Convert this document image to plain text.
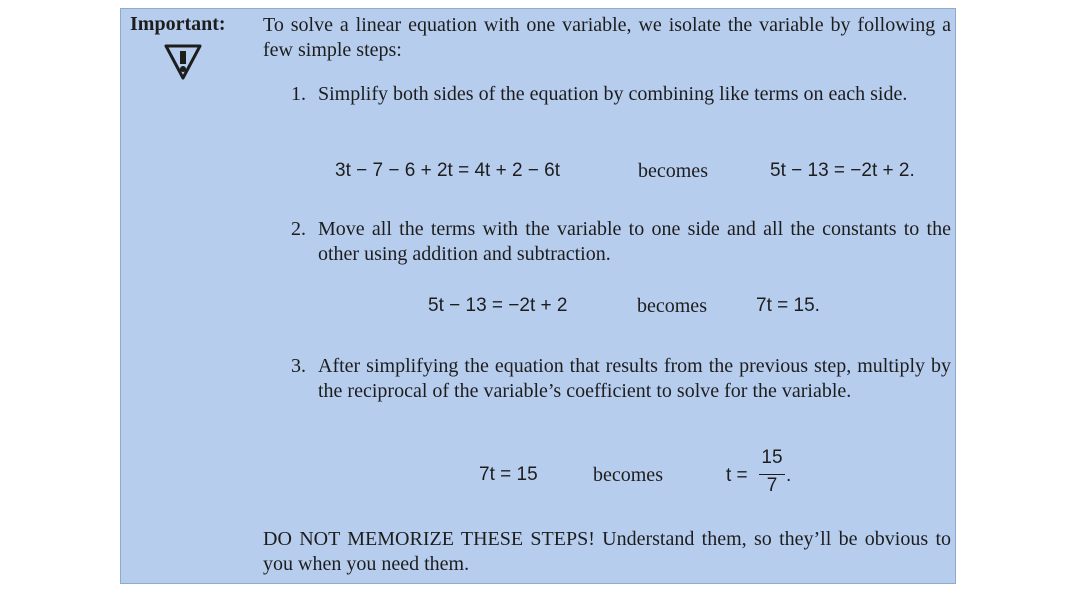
Important: To solve a linear equation with one variable, we isolate the variable by following a few simple steps:
1. Simplify both sides of the equation by combining like terms on each side.
3t − 7 − 6 + 2t = 4t + 2 − 6t	becomes	5t − 13 = −2t + 2.
2. Move all the terms with the variable to one side and all the constants to the other using addition and subtraction.
5t − 13 = −2t + 2	becomes	7t = 15.
3. After simplifying the equation that results from the previous step, multiply by the reciprocal of the variable’s coefficient to solve for the variable.
7t = 15	becomes	t =
15
7 .
DO NOT MEMORIZE THESE STEPS! Understand them, so they’ll be obvious to you when you need them.
